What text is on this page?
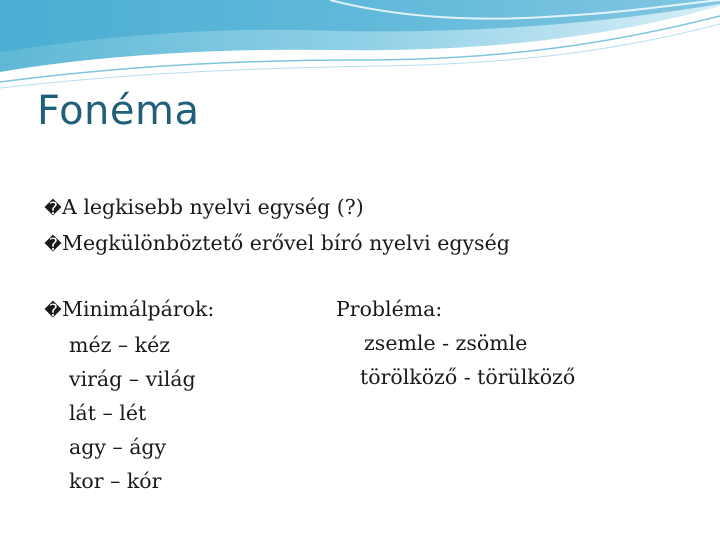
Fonéma
�A legkisebb nyelvi egység (?)
�Megkülönböztető erővel bíró nyelvi egység
�Minimálpárok:
méz – kéz
virág – világ
lát – lét
agy – ágy
kor – kór
Probléma:
zsemle - zsömle
törölköző - törülköző
